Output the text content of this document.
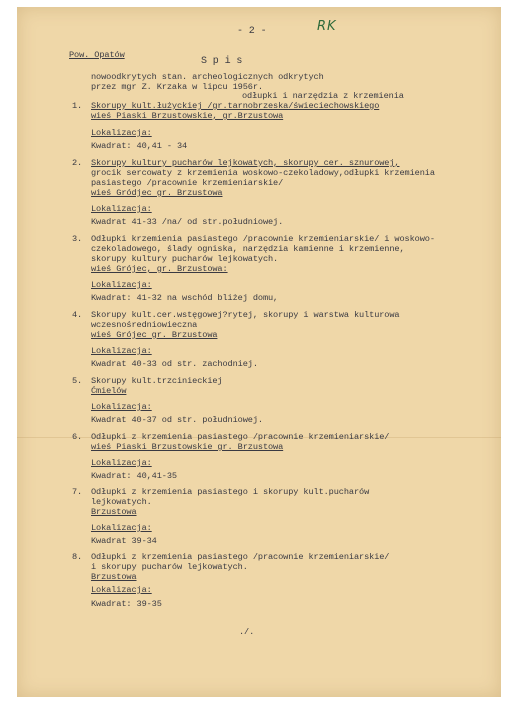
- 2 -	RK
Pow. Opatów
S p i s
nowoodkrytych stan. archeologicznych odkrytych
przez mgr Z. Krzaka w lipcu 1956r.
odłupki i narzędzia z krzemienia
1. Skorupy kult.łużyckiej /gr.tarnobrzeska/świeciechowskiego
wieś Piaski Brzustowskie, gr.Brzustowa
Lokalizacja:
Kwadrat: 40,41 - 34
2. Skorupy kultury pucharów lejkowatych, skorupy cer. sznurowej,
grocik sercowaty z krzemienia woskowo-czekoladowy,odłupki krzemienia
pasiastego /pracownie krzemieniarskie/
wieś Gródjec gr. Brzustowa
Lokalizacja:
Kwadrat 41-33 /na/ od str.południowej.
3. Odłupki krzemienia pasiastego /pracownie krzemieniarskie/ i woskowo-
czekoladowego, ślady ogniska, narzędzia kamienne i krzemienne,
skorupy kultury pucharów lejkowatych.
wieś Grójec, gr. Brzustowa:
Lokalizacja:
Kwadrat: 41-32 na wschód bliżej domu,
4. Skorupy kult.cer.wstęgowej?rytej, skorupy i warstwa kulturowa
wczesnośredniowieczna
wieś Grójec gr. Brzustowa
Lokalizacja:
Kwadrat 40-33 od str. zachodniej.
5. Skorupy kult.trzcinieckiej
Ćmielów
Lokalizacja:
Kwadrat 40-37 od str. południowej.
6. Odłupki z krzemienia pasiastego /pracownie krzemieniarskie/
wieś Piaski Brzustowskie gr. Brzustowa
Lokalizacja:
Kwadrat: 40,41-35
7. Odłupki z krzemienia pasiastego i skorupy kult.pucharów
lejkowatych.
Brzustowa
Lokalizacja:
Kwadrat 39-34
8. Odłupki z krzemienia pasiastego /pracownie krzemieniarskie/
i skorupy pucharów lejkowatych.
Brzustowa
Lokalizacja:
Kwadrat: 39-35
./.
